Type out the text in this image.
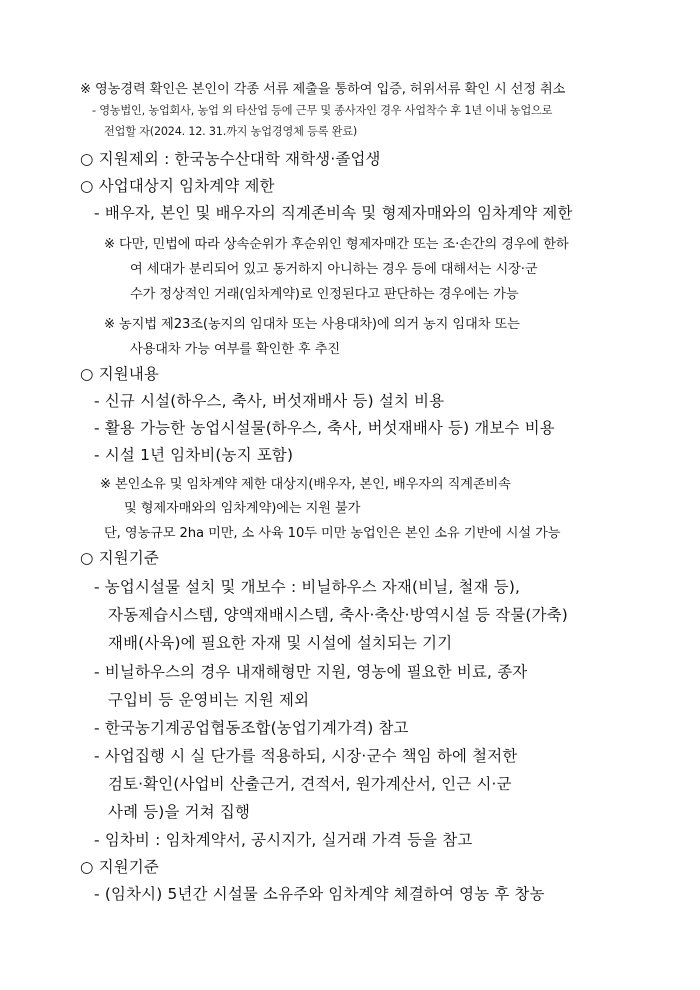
※ 영농경력 확인은 본인이 각종 서류 제출을 통하여 입증, 허위서류 확인 시 선정 취소
- 영농법인, 농업회사, 농업 외 타산업 등에 근무 및 종사자인 경우 사업착수 후 1년 이내 농업으로
전업할 자(2024. 12. 31.까지 농업경영체 등록 완료)
○ 지원제외 : 한국농수산대학 재학생·졸업생
○ 사업대상지 임차계약 제한
- 배우자, 본인 및 배우자의 직계존비속 및 형제자매와의 임차계약 제한
※ 다만, 민법에 따라 상속순위가 후순위인 형제자매간 또는 조·손간의 경우에 한하
여 세대가 분리되어 있고 동거하지 아니하는 경우 등에 대해서는 시장·군
수가 정상적인 거래(임차계약)로 인정된다고 판단하는 경우에는 가능
※ 농지법 제23조(농지의 임대차 또는 사용대차)에 의거 농지 임대차 또는
사용대차 가능 여부를 확인한 후 추진
○ 지원내용
- 신규 시설(하우스, 축사, 버섯재배사 등) 설치 비용
- 활용 가능한 농업시설물(하우스, 축사, 버섯재배사 등) 개보수 비용
- 시설 1년 임차비(농지 포함)
※ 본인소유 및 임차계약 제한 대상지(배우자, 본인, 배우자의 직계존비속
및 형제자매와의 임차계약)에는 지원 불가
단, 영농규모 2ha 미만, 소 사육 10두 미만 농업인은 본인 소유 기반에 시설 가능
○ 지원기준
- 농업시설물 설치 및 개보수 : 비닐하우스 자재(비닐, 철재 등),
자동제습시스템, 양액재배시스템, 축사·축산·방역시설 등 작물(가축)
재배(사육)에 필요한 자재 및 시설에 설치되는 기기
- 비닐하우스의 경우 내재해형만 지원, 영농에 필요한 비료, 종자
구입비 등 운영비는 지원 제외
- 한국농기계공업협동조합(농업기계가격) 참고
- 사업집행 시 실 단가를 적용하되, 시장·군수 책임 하에 철저한
검토·확인(사업비 산출근거, 견적서, 원가계산서, 인근 시·군
사례 등)을 거쳐 집행
- 임차비 : 임차계약서, 공시지가, 실거래 가격 등을 참고
○ 지원기준
- (임차시) 5년간 시설물 소유주와 임차계약 체결하여 영농 후 창농
